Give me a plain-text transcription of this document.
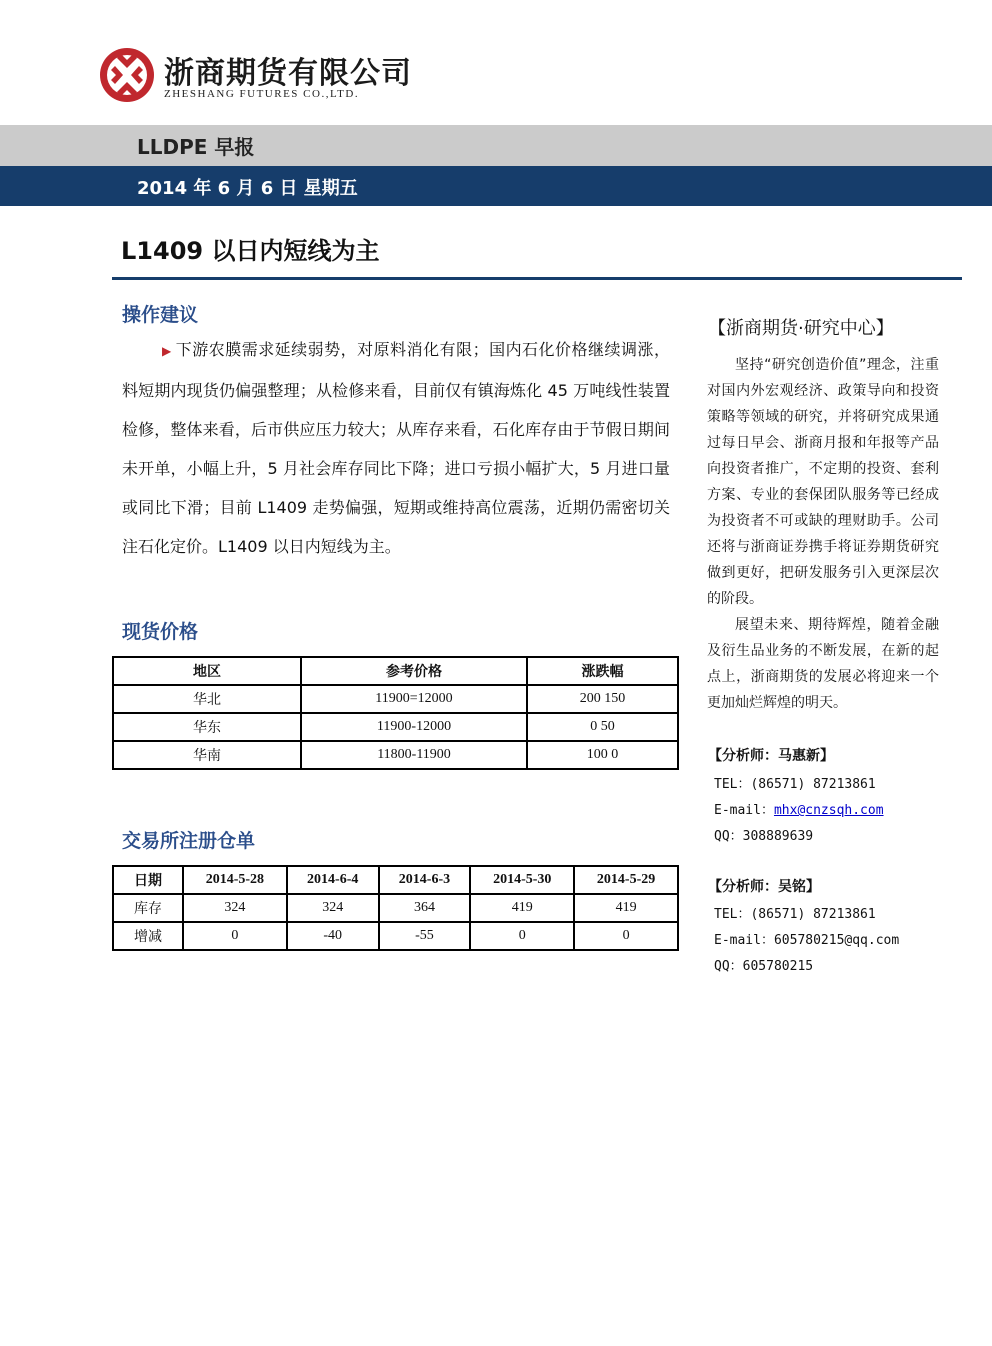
浙商期货有限公司
ZHESHANG FUTURES CO.,LTD.
LLDPE 早报
2014 年 6 月 6 日 星期五
L1409 以日内短线为主
操作建议
▶ 下游农膜需求延续弱势，对原料消化有限；国内石化价格继续调涨，料短期内现货仍偏强整理；从检修来看，目前仅有镇海炼化 45 万吨线性装置检修，整体来看，后市供应压力较大；从库存来看，石化库存由于节假日期间未开单，小幅上升，5 月社会库存同比下降；进口亏损小幅扩大，5 月进口量或同比下滑；目前 L1409 走势偏强，短期或维持高位震荡，近期仍需密切关注石化定价。L1409 以日内短线为主。
现货价格
地区	参考价格	涨跌幅
华北	11900=12000	200 150
华东	11900-12000	0 50
华南	11800-11900	100 0
交易所注册仓单
日期	2014-5-28	2014-6-4	2014-6-3	2014-5-30	2014-5-29
库存	324	324	364	419	419
增减	0	-40	-55	0	0
【浙商期货·研究中心】

坚持“研究创造价值”理念，注重对国内外宏观经济、政策导向和投资策略等领域的研究，并将研究成果通过每日早会、浙商月报和年报等产品向投资者推广，不定期的投资、套利方案、专业的套保团队服务等已经成为投资者不可或缺的理财助手。公司还将与浙商证券携手将证券期货研究做到更好，把研发服务引入更深层次的阶段。

展望未来、期待辉煌，随着金融及衍生品业务的不断发展，在新的起点上，浙商期货的发展必将迎来一个更加灿烂辉煌的明天。

【分析师：马惠新】
TEL：(86571) 87213861
E-mail：mhx@cnzsqh.com
QQ：308889639
【分析师：吴铭】
TEL：(86571) 87213861
E-mail：605780215@qq.com
QQ：605780215
